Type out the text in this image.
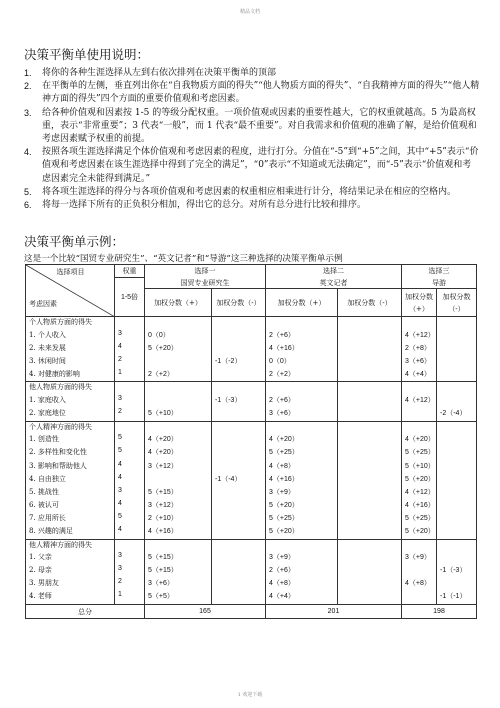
精品文档
决策平衡单使用说明：
1. 将你的各种生涯选择从左到右依次排列在决策平衡单的顶部
2. 在平衡单的左侧，垂直列出你在“自我物质方面的得失”“他人物质方面的得失”、“自我精神方面的得失”“他人精神方面的得失”四个方面的重要价值观和考虑因素。
3. 给各种价值观和因素按 1-5 的等级分配权重。一项价值观或因素的重要性越大，它的权重就越高。5 为最高权重，表示“非常重要”；3 代表“一般”，而 1 代表“最不重要”。对自我需求和价值观的准确了解，是给价值观和考虑因素赋予权重的前提。
4. 按照各项生涯选择满足个体价值观和考虑因素的程度，进行打分。分值在“-5”到“+5”之间，其中“+5”表示“价值观和考虑因素在该生涯选择中得到了完全的满足”，“0”表示“不知道或无法确定”，而“-5”表示“价值观和考虑因素完全未能得到满足。”
5. 将各项生涯选择的得分与各项价值观和考虑因素的权重相应相乘进行计分，将结果记录在相应的空格内。
6. 将每一选择下所有的正负积分相加，得出它的总分。对所有总分进行比较和排序。
决策平衡单示例：
这是一个比较“国贸专业研究生”、“英文记者”和“导游”这三种选择的决策平衡单示例
选择项目
考虑因素	权重	选择一		选择二		选择三	
	1-5倍	国贸专业研究生		英文记者		导游	
		加权分数（+）	加权分数（-）	加权分数（+）	加权分数（-）	加权分数（+）	加权分数（-）
个人物质方面的得失							
1. 个人收入	3	0（0）		2（+6）		4（+12）	
2. 未来发展	4	5（+20）		4（+16）		2（+8）	
3. 休闲时间	2		-1（-2）	0（0）		3（+6）	
4. 对健康的影响	1	2（+2）		2（+2）		4（+4）	
他人物质方面的得失							
1. 家庭收入	3		-1（-3）	2（+6）		4（+12）	
2. 家庭地位	2	5（+10）		3（+6）			-2（-4）
个人精神方面的得失							
1. 创造性	5	4（+20）		4（+20）		4（+20）	
2. 多样性和变化性	5	4（+20）		5（+25）		5（+25）	
3. 影响和帮助他人	4	3（+12）		4（+8）		5（+10）	
4. 自由独立	4		-1（-4）	4（+16）		5（+20）	
5. 挑战性	3	5（+15）		3（+9）		4（+12）	
6. 被认可	4	3（+12）		5（+20）		4（+16）	
7. 应用所长	5	2（+10）		5（+25）		5（+25）	
8. 兴趣的满足	4	4（+16）		5（+20）		5（+20）	
他人精神方面的得失							
1. 父亲	3	5（+15）		3（+9）		3（+9）	
2. 母亲	3	5（+15）		2（+6）			-1（-3）
3. 男朋友	2	3（+6）		4（+8）		4（+8）	
4. 老师	1	5（+5）		4（+4）			-1（-1）
总分		165		201		198	
1 欢迎下载
